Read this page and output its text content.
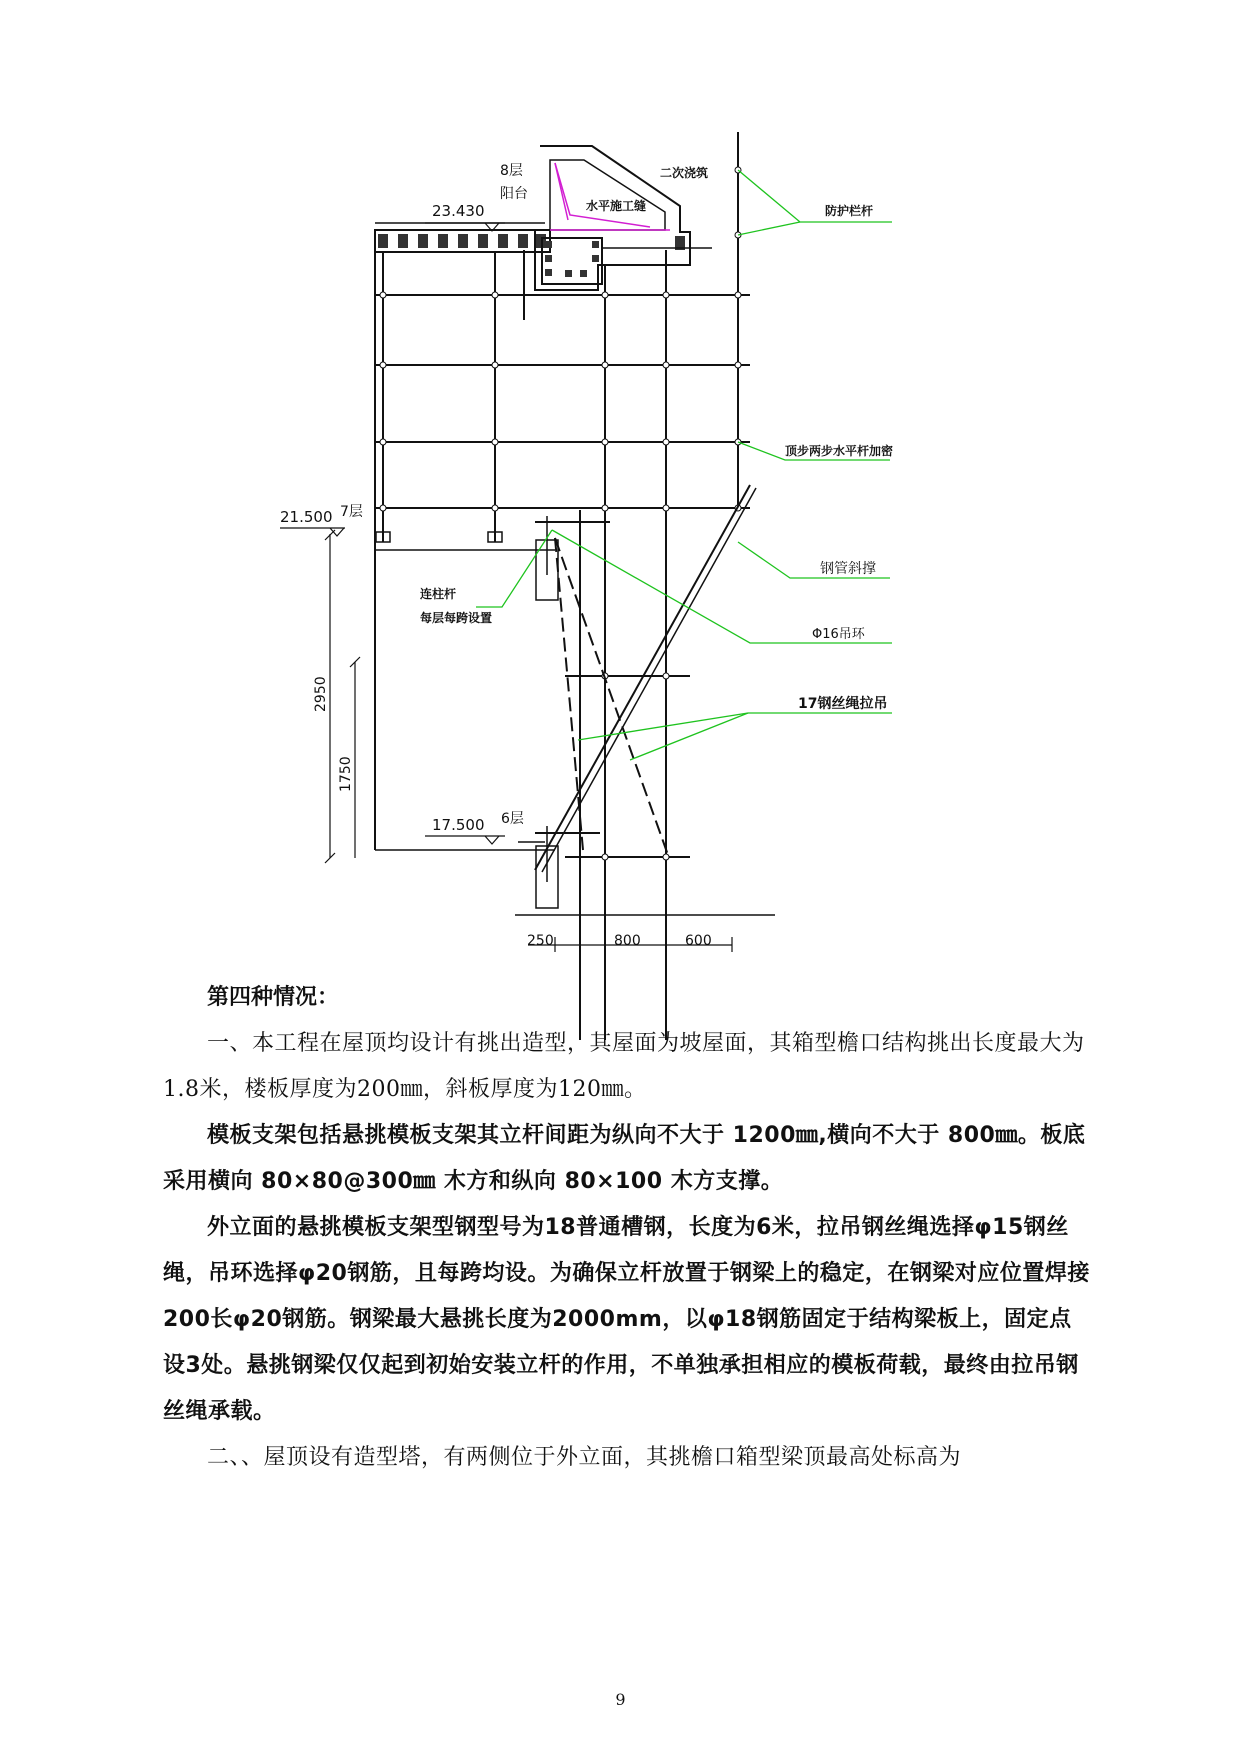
8层
阳台
二次浇筑
水平施工缝	防护栏杆
23.430
21.500 7层
17.500 6层
顶步两步水平杆加密
钢管斜撑
Φ16吊环
17钢丝绳拉吊
连柱杆
每层每跨设置
2950
1750
250	800	600

第四种情况：

一、本工程在屋顶均设计有挑出造型，其屋面为坡屋面，其箱型檐口结构挑出长度最大为1.8米，楼板厚度为200㎜，斜板厚度为120㎜。

模板支架包括悬挑模板支架其立杆间距为纵向不大于 1200㎜,横向不大于 800㎜。板底采用横向 80×80@300㎜ 木方和纵向 80×100 木方支撑。

外立面的悬挑模板支架型钢型号为18普通槽钢，长度为6米，拉吊钢丝绳选择φ15钢丝绳，吊环选择φ20钢筋，且每跨均设。为确保立杆放置于钢梁上的稳定，在钢梁对应位置焊接200长φ20钢筋。钢梁最大悬挑长度为2000mm，以φ18钢筋固定于结构梁板上，固定点设3处。悬挑钢梁仅仅起到初始安装立杆的作用，不单独承担相应的模板荷载，最终由拉吊钢丝绳承载。

二、、屋顶设有造型塔，有两侧位于外立面，其挑檐口箱型梁顶最高处标高为

9
